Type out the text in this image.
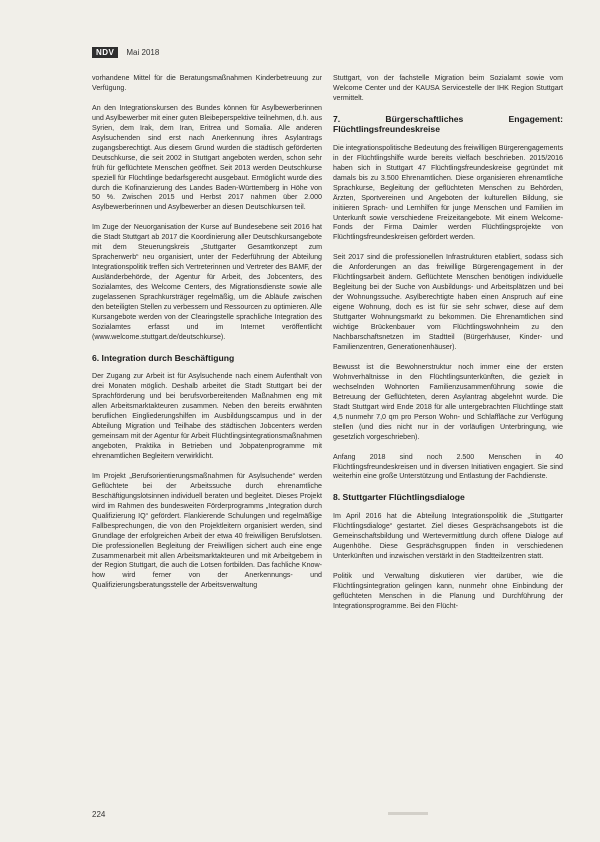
NDV	Mai 2018

vorhandene Mittel für die Beratungsmaßnahmen Kinderbetreuung zur Verfügung.

An den Integrationskursen des Bundes können für Asylbewerberinnen und Asylbewerber mit einer guten Bleibeperspektive teilnehmen, d.h. aus Syrien, dem Irak, dem Iran, Eritrea und Somalia. Alle anderen Asylsuchenden sind erst nach Anerkennung ihres Asylantrags zugangsberechtigt. Aus diesem Grund wurden die städtisch geförderten Deutschkurse, die seit 2002 in Stuttgart angeboten werden, schon sehr früh für geflüchtete Menschen geöffnet. Seit 2013 werden Deutschkurse speziell für Flüchtlinge bedarfsgerecht ausgebaut. Ermöglicht wurde dies durch die Kofinanzierung des Landes Baden-Württemberg in Höhe von 50 %. Zwischen 2015 und Herbst 2017 nahmen über 2.000 Asylbewerberinnen und Asylbewerber an diesen Deutschkursen teil.

Im Zuge der Neuorganisation der Kurse auf Bundesebene seit 2016 hat die Stadt Stuttgart ab 2017 die Koordinierung aller Deutschkursangebote mit dem Steuerungskreis „Stuttgarter Gesamtkonzept zum Spracherwerb“ neu organisiert, unter der Federführung der Abteilung Integrationspolitik treffen sich Vertreterinnen und Vertreter des BAMF, der Ausländerbehörde, der Agentur für Arbeit, des Jobcenters, des Sozialamtes, des Welcome Centers, des Migrationsdienste sowie alle zugelassenen Sprachkursträger regelmäßig, um die Abläufe zwischen den beteiligten Stellen zu verbessern und Ressourcen zu optimieren. Alle Kursangebote werden von der Clearingstelle sprachliche Integration des Sozialamtes erfasst und im Internet veröffentlicht (www.welcome.stuttgart.de/deutschkurse).

6. Integration durch Beschäftigung

Der Zugang zur Arbeit ist für Asylsuchende nach einem Aufenthalt von drei Monaten möglich. Deshalb arbeitet die Stadt Stuttgart bei der Sprachförderung und bei berufsvorbereitenden Maßnahmen eng mit allen Arbeitsmarktakteuren zusammen. Neben den bereits erwähnten beruflichen Eingliederungshilfen im Ausbildungscampus und in der Abteilung Migration und Teilhabe des städtischen Jobcenters werden gemeinsam mit der Agentur für Arbeit Flüchtlingsintegrationsmaßnahmen angeboten, Praktika in Betrieben und Jobpatenprogramme mit ehrenamtlichen Begleitern verwirklicht.

Im Projekt „Berufsorientierungsmaßnahmen für Asylsuchende“ werden Geflüchtete bei der Arbeitssuche durch ehrenamtliche Beschäftigungslotsinnen individuell beraten und begleitet. Dieses Projekt wird im Rahmen des bundesweiten Förderprogramms „Integration durch Qualifizierung IQ“ gefördert. Flankierende Schulungen und regelmäßige Fallbesprechungen, die von den Projektleitern organisiert werden, sind Grundlage der erfolgreichen Arbeit der etwa 40 freiwilligen Berufslotsen. Die professionellen Begleitung der Freiwilligen sichert auch eine enge Zusammenarbeit mit allen Arbeitsmarktakteuren und mit Arbeitgebern in der Region Stuttgart, die auch die Lotsen fortbilden. Das fachliche Know-how wird ferner von der Anerkennungs- und Qualifizierungsberatungsstelle der Arbeitsverwaltung

Stuttgart, von der fachstelle Migration beim Sozialamt sowie vom Welcome Center und der KAUSA Servicestelle der IHK Region Stuttgart vermittelt.

7. Bürgerschaftliches Engagement: Flüchtlingsfreundeskreise

Die integrationspolitische Bedeutung des freiwilligen Bürgerengagements in der Flüchtlingshilfe wurde bereits vielfach beschrieben. 2015/2016 haben sich in Stuttgart 47 Flüchtlingsfreundeskreise gegründet mit damals bis zu 3.500 Ehrenamtlichen. Diese organisieren ehrenamtliche Sprachkurse, Begleitung der geflüchteten Menschen zu Behörden, Ärzten, Sportvereinen und Angeboten der kulturellen Bildung, sie initiieren Sprach- und Lernhilfen für junge Menschen und Familien im Unterkunft sowie verschiedene Freizeitangebote. Mit einem Welcome-Fonds der Firma Daimler werden Flüchtlingsprojekte von Flüchtlingsfreundeskreisen gefördert werden.

Seit 2017 sind die professionellen Infrastrukturen etabliert, sodass sich die Anforderungen an das freiwillige Bürgerengagement in der Flüchtlingsarbeit ändern. Geflüchtete Menschen benötigen individuelle Begleitung bei der Suche von Ausbildungs- und Arbeitsplätzen und bei der Wohnungssuche. Asylberechtigte haben einen Anspruch auf eine eigene Wohnung, doch es ist für sie sehr schwer, diese auf dem Stuttgarter Wohnungsmarkt zu bekommen. Die Ehrenamtlichen sind wichtige Brückenbauer vom Flüchtlingswohnheim zu den Nachbarschaftsnetzen im Stadtteil (Bürgerhäuser, Kinder- und Familienzentren, Generationenhäuser).

Bewusst ist die Bewohnerstruktur noch immer eine der ersten Wohnverhältnisse in den Flüchtlingsunterkünften, die gezielt in wechselnden Wohnorten Familienzusammenführung sowie die Betreuung der Geflüchteten, deren Asylantrag abgelehnt wurde. Die Stadt Stuttgart wird Ende 2018 für alle untergebrachten Flüchtlinge statt 4,5 nunmehr 7,0 qm pro Person Wohn- und Schlaffläche zur Verfügung stellen (und dies nicht nur in der vorläufigen Unterbringung, wie gesetzlich vorgeschrieben).

Anfang 2018 sind noch 2.500 Menschen in 40 Flüchtlingsfreundeskreisen und in diversen Initiativen engagiert. Sie sind weiterhin eine große Unterstützung und Entlastung der Fachdienste.

8. Stuttgarter Flüchtlingsdialoge

Im April 2016 hat die Abteilung Integrationspolitik die „Stuttgarter Flüchtlingsdialoge“ gestartet. Ziel dieses Gesprächsangebots ist die Gemeinschaftsbildung und Wertevermittlung durch offene Dialoge auf Augenhöhe. Diese Gesprächsgruppen finden in verschiedenen Unterkünften und inzwischen verstärkt in den Stadtteilzentren statt.

Politik und Verwaltung diskutieren vier darüber, wie die Flüchtlingsintegration gelingen kann, nunmehr ohne Einbindung der geflüchteten Menschen in die Planung und Durchführung der Integrationsprogramme. Bei den Flücht-

224
